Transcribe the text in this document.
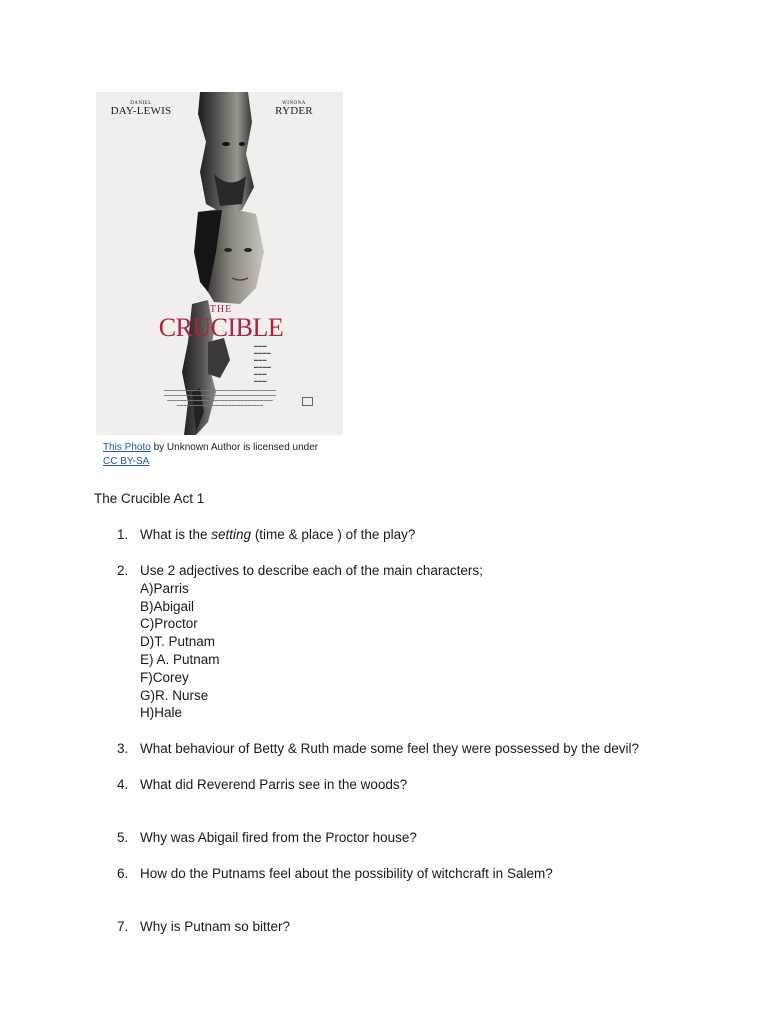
DANIEL
DAY-LEWIS
WINONA
RYDER
THE
CRUCIBLE
▬▬▬
▬▬▬▬
▬▬▬
▬▬▬▬
▬▬▬
▬▬▬
▬▬▬▬▬▬▬▬▬▬▬▬▬▬▬▬▬▬▬▬▬▬▬▬▬▬▬▬▬▬▬▬▬▬▬
▬▬▬▬▬▬▬▬▬▬▬▬▬▬▬▬▬▬▬▬▬▬▬▬▬▬▬▬▬▬▬▬▬▬▬
▬▬▬▬▬▬▬▬▬▬▬▬▬▬▬▬▬▬▬▬▬▬▬▬▬▬▬▬▬▬▬▬▬
▬▬▬▬▬▬▬▬▬▬▬▬▬▬▬▬▬▬▬▬▬▬▬▬▬▬▬
This Photo by Unknown Author is licensed under
CC BY-SA
The Crucible Act 1
1. What is the setting (time & place ) of the play?
2. Use 2 adjectives to describe each of the main characters;
A)Parris
B)Abigail
C)Proctor
D)T. Putnam
E) A. Putnam
F)Corey
G)R. Nurse
H)Hale
3. What behaviour of Betty & Ruth made some feel they were possessed by the devil?
4. What did Reverend Parris see in the woods?
5. Why was Abigail fired from the Proctor house?
6. How do the Putnams feel about the possibility of witchcraft in Salem?
7. Why is Putnam so bitter?
